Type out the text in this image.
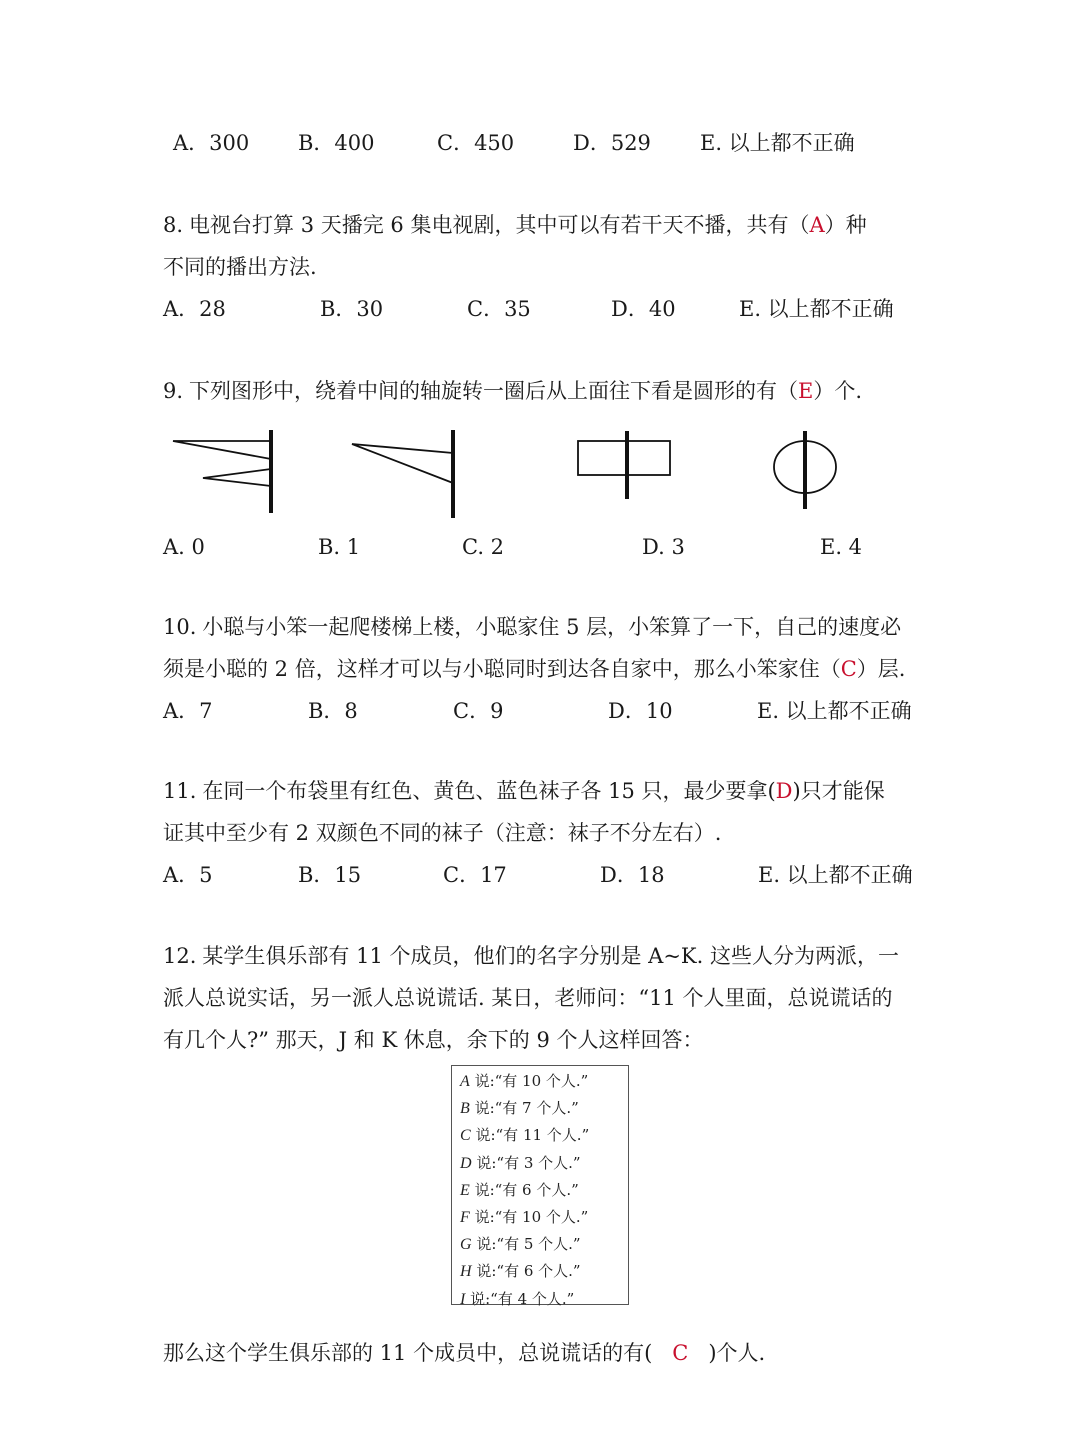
A．300 B．400	C．450	D．529 E. 以上都不正确
8. 电视台打算 3 天播完 6 集电视剧，其中可以有若干天不播，共有（A）种
不同的播出方法.
A．28	B．30	C．35	D．40	E. 以上都不正确
9. 下列图形中，绕着中间的轴旋转一圈后从上面往下看是圆形的有（E）个.
A. 0	B. 1	C. 2	D. 3	E. 4
10. 小聪与小笨一起爬楼梯上楼，小聪家住 5 层，小笨算了一下，自己的速度必
须是小聪的 2 倍，这样才可以与小聪同时到达各自家中，那么小笨家住（C）层.
A．7	B．8	C．9	D．10	E. 以上都不正确
11. 在同一个布袋里有红色、黄色、蓝色袜子各 15 只，最少要拿(D)只才能保
证其中至少有 2 双颜色不同的袜子（注意：袜子不分左右）.
A．5	B．15	C．17	D．18	E. 以上都不正确
12. 某学生俱乐部有 11 个成员，他们的名字分别是 A~K. 这些人分为两派，一
派人总说实话，另一派人总说谎话. 某日，老师问：“11 个人里面，总说谎话的
有几个人?” 那天，J 和 K 休息，余下的 9 个人这样回答：
A 说:“有 10 个人.”
B 说:“有 7 个人.”
C 说:“有 11 个人.”
D 说:“有 3 个人.”
E 说:“有 6 个人.”
F 说:“有 10 个人.”
G 说:“有 5 个人.”
H 说:“有 6 个人.”
I 说:“有 4 个人.”
那么这个学生俱乐部的 11 个成员中，总说谎话的有( C )个人.
